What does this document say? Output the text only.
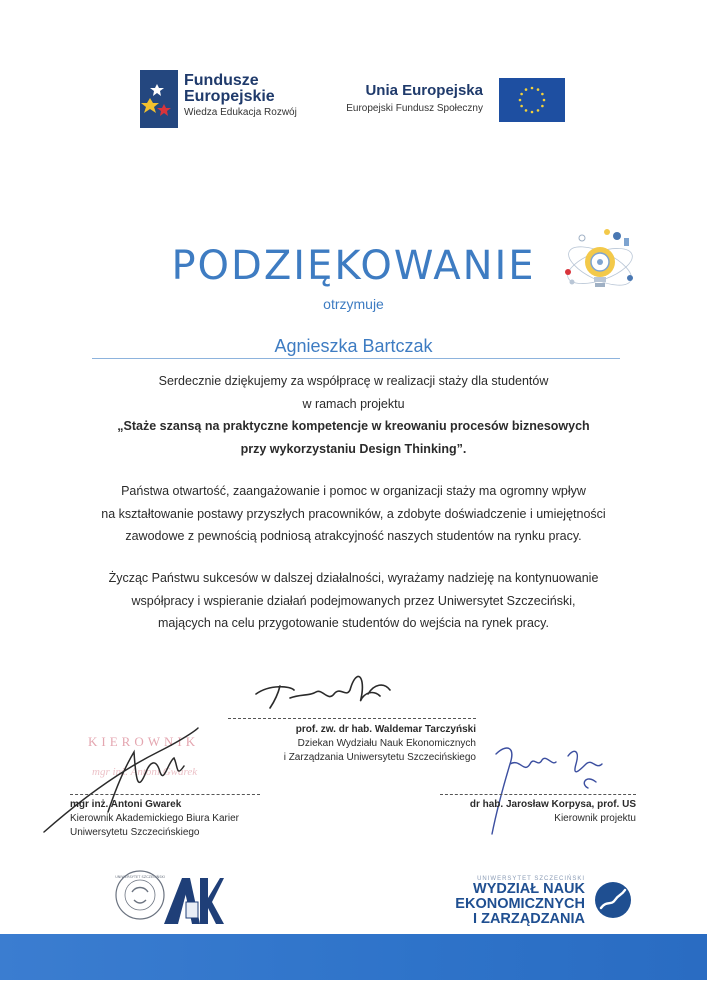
Fundusze
Europejskie
Wiedza Edukacja Rozwój
Unia Europejska
Europejski Fundusz Społeczny
PODZIĘKOWANIE
otrzymuje
Agnieszka Bartczak
Serdecznie dziękujemy za współpracę w realizacji staży dla studentów
w ramach projektu
„Staże szansą na praktyczne kompetencje w kreowaniu procesów biznesowych
przy wykorzystaniu Design Thinking”.
Państwa otwartość, zaangażowanie i pomoc w organizacji staży ma ogromny wpływ
na kształtowanie postawy przyszłych pracowników, a zdobyte doświadczenie i umiejętności
zawodowe z pewnością podniosą atrakcyjność naszych studentów na rynku pracy.
Życząc Państwu sukcesów w dalszej działalności, wyrażamy nadzieję na kontynuowanie
współpracy i wspieranie działań podejmowanych przez Uniwersytet Szczeciński,
mających na celu przygotowanie studentów do wejścia na rynek pracy.
prof. zw. dr hab. Waldemar Tarczyński
Dziekan Wydziału Nauk Ekonomicznych
i Zarządzania Uniwersytetu Szczecińskiego
KIEROWNIK
mgr inż. Antoni Gwarek
mgr inż. Antoni Gwarek
Kierownik Akademickiego Biura Karier
Uniwersytetu Szczecińskiego
dr hab. Jarosław Korpysa, prof. US
Kierownik projektu
UNIWERSYTET SZCZECIŃSKI	UNIWERSYTET SZCZECIŃSKI
WYDZIAŁ NAUK EKONOMICZNYCH
I ZARZĄDZANIA
